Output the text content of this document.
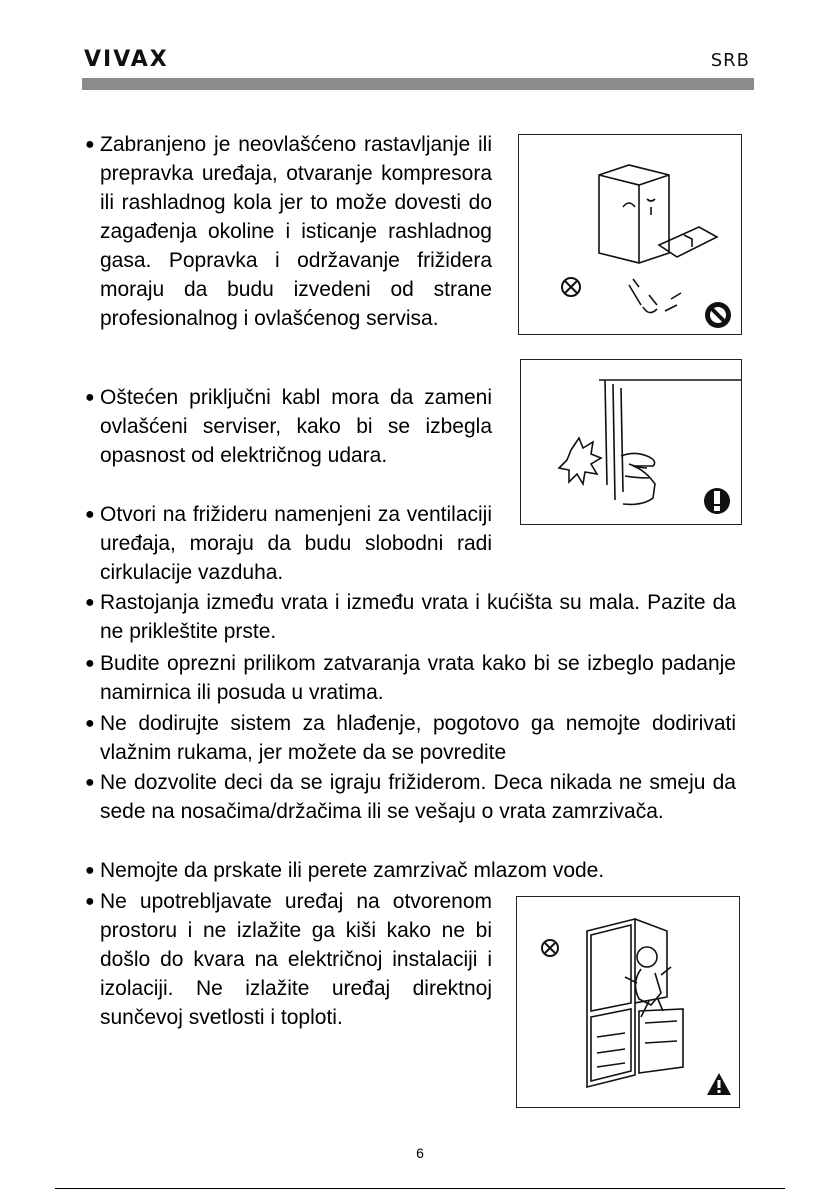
VIVAX	SRB
● Zabranjeno je neovlašćeno rastavljanje ili prepravka uređaja, otvaranje kompresora ili rashladnog kola jer to može dovesti do zagađenja okoline i isticanje rashladnog gasa. Popravka i održavanje frižidera moraju da budu izvedeni od strane profesionalnog i ovlašćenog servisa.
● Oštećen priključni kabl mora da zameni ovlašćeni serviser, kako bi se izbegla opasnost od električnog udara.
● Otvori na frižideru namenjeni za ventilaciji uređaja, moraju da budu slobodni radi cirkulacije vazduha.
● Rastojanja između vrata i između vrata i kućišta su mala. Pazite da ne prikleštite prste.
● Budite oprezni prilikom zatvaranja vrata kako bi se izbeglo padanje namirnica ili posuda u vratima.
● Ne dodirujte sistem za hlađenje, pogotovo ga nemojte dodirivati vlažnim rukama, jer možete da se povredite
● Ne dozvolite deci da se igraju frižiderom. Deca nikada ne smeju da sede na nosačima/držačima ili se vešaju o vrata zamrzivača.
● Nemojte da prskate ili perete zamrzivač mlazom vode.
● Ne upotrebljavate uređaj na otvorenom prostoru i ne izlažite ga kiši kako ne bi došlo do kvara na električnoj instalaciji i izolaciji. Ne izlažite uređaj direktnoj sunčevoj svetlosti i toploti.
6
